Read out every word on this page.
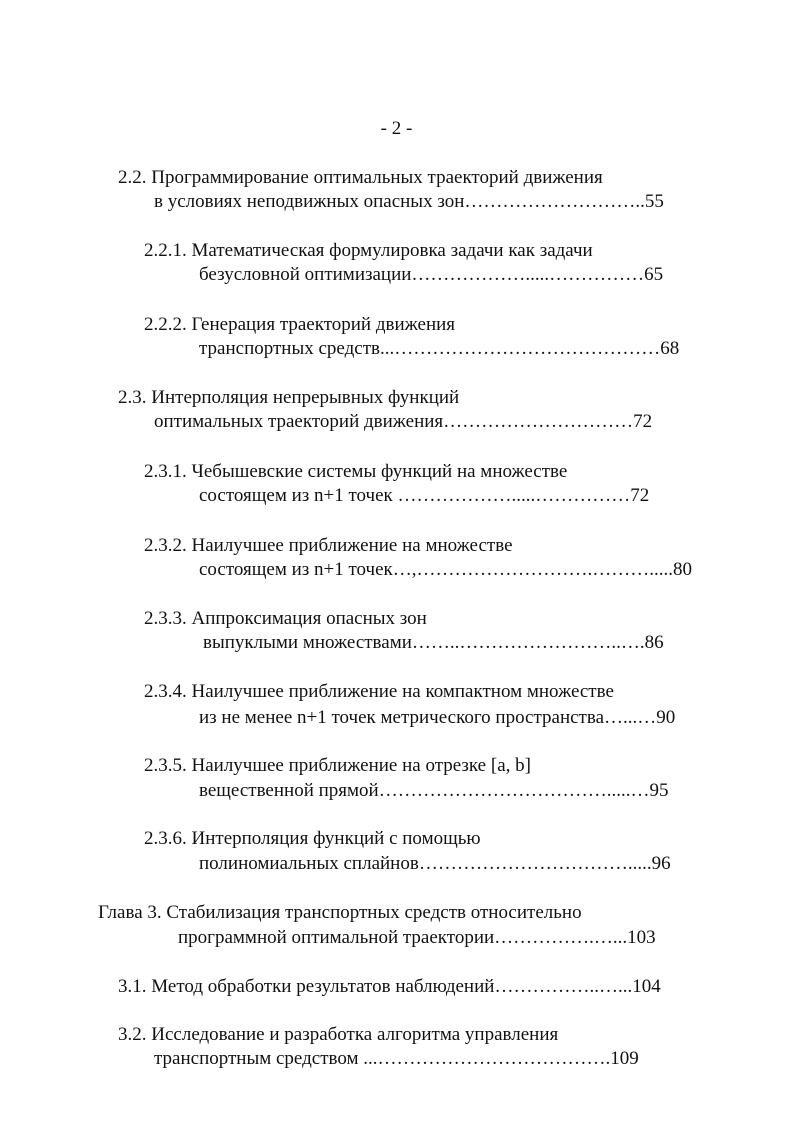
- 2 -
2.2. Программирование оптимальных траекторий движения
в условиях неподвижных опасных зон………………………..55
2.2.1. Математическая формулировка задачи как задачи
безусловной оптимизации……………….....……………65
2.2.2. Генерация траекторий движения
транспортных средств...……………………………………68
2.3. Интерполяция непрерывных функций
оптимальных траекторий движения…………………………72
2.3.1. Чебышевские системы функций на множестве
состоящем из n+1 точек ……………….....……………72
2.3.2. Наилучшее приближение на множестве
состоящем из n+1 точек…,……………………….……….....80
2.3.3. Аппроксимация опасных зон
выпуклыми множествами……..……………………..….86
2.3.4. Наилучшее приближение на компактном множестве
из не менее n+1 точек метрического пространства…...…90
2.3.5. Наилучшее приближение на отрезке [a, b]
вещественной прямой……………………………….....…95
2.3.6. Интерполяция функций с помощью
полиномиальных сплайнов…………………………….....96
Глава 3. Стабилизация транспортных средств относительно
программной оптимальной траектории…………….…...103
3.1. Метод обработки результатов наблюдений……………..…...104
3.2. Исследование и разработка алгоритма управления
транспортным средством ...……………………………….109
